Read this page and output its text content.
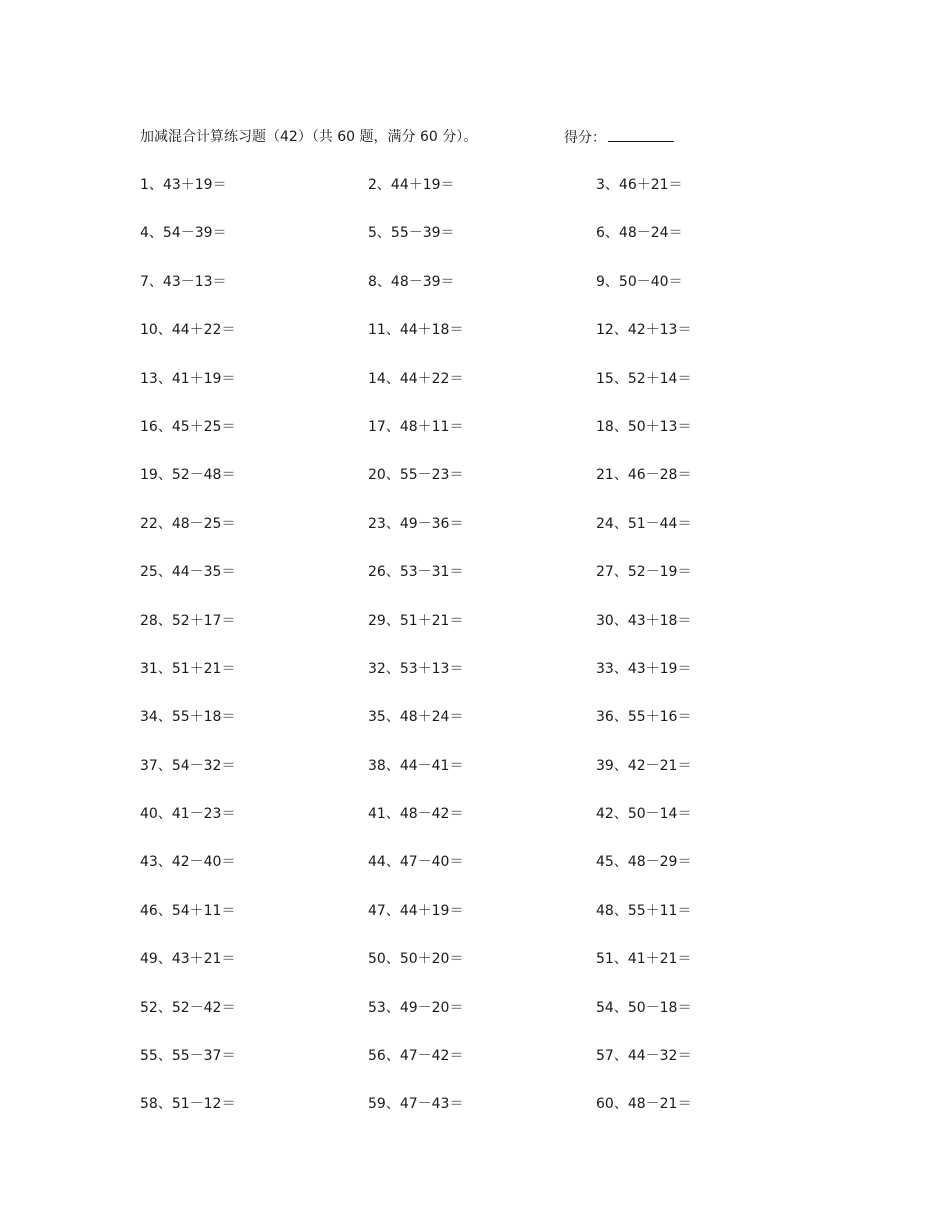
加减混合计算练习题（42）（共 60 题，满分 60 分）。	得分：
1、43＋19＝	2、44＋19＝	3、46＋21＝
4、54－39＝	5、55－39＝	6、48－24＝
7、43－13＝	8、48－39＝	9、50－40＝
10、44＋22＝	11、44＋18＝	12、42＋13＝
13、41＋19＝	14、44＋22＝	15、52＋14＝
16、45＋25＝	17、48＋11＝	18、50＋13＝
19、52－48＝	20、55－23＝	21、46－28＝
22、48－25＝	23、49－36＝	24、51－44＝
25、44－35＝	26、53－31＝	27、52－19＝
28、52＋17＝	29、51＋21＝	30、43＋18＝
31、51＋21＝	32、53＋13＝	33、43＋19＝
34、55＋18＝	35、48＋24＝	36、55＋16＝
37、54－32＝	38、44－41＝	39、42－21＝
40、41－23＝	41、48－42＝	42、50－14＝
43、42－40＝	44、47－40＝	45、48－29＝
46、54＋11＝	47、44＋19＝	48、55＋11＝
49、43＋21＝	50、50＋20＝	51、41＋21＝
52、52－42＝	53、49－20＝	54、50－18＝
55、55－37＝	56、47－42＝	57、44－32＝
58、51－12＝	59、47－43＝	60、48－21＝
